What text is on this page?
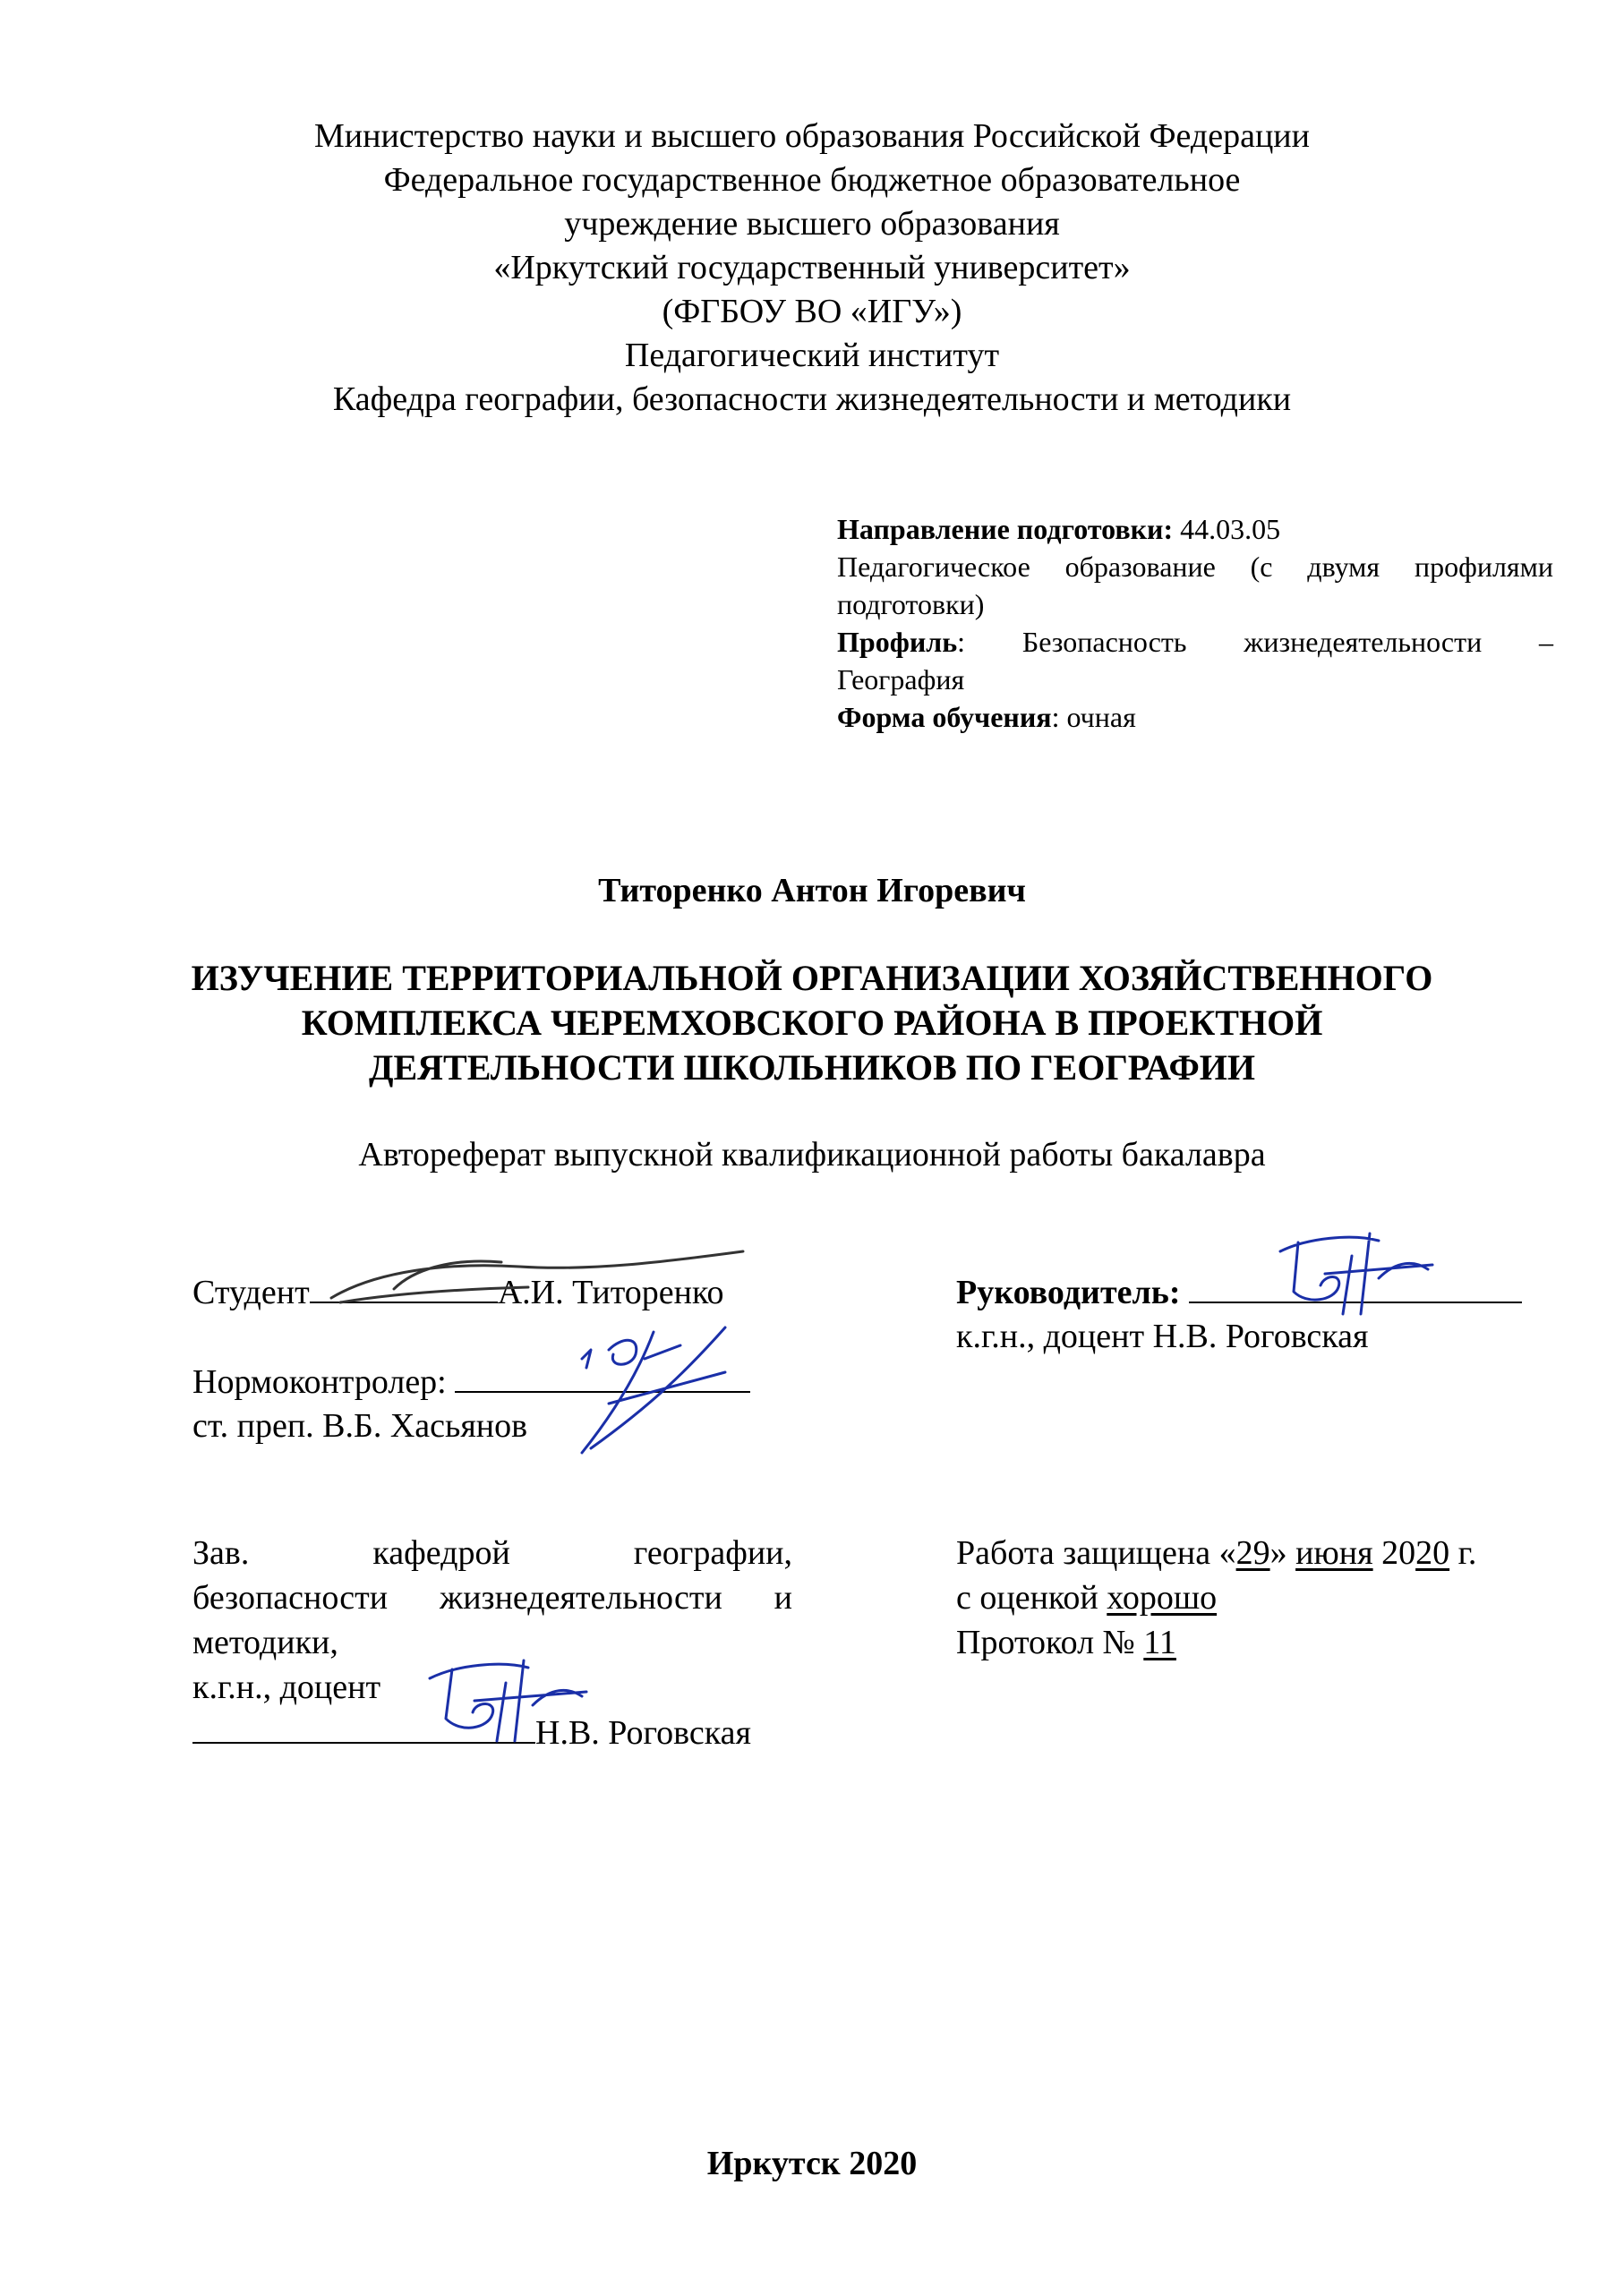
Министерство науки и высшего образования Российской Федерации
Федеральное государственное бюджетное образовательное
учреждение высшего образования
«Иркутский государственный университет»
(ФГБОУ ВО «ИГУ»)
Педагогический институт
Кафедра географии, безопасности жизнедеятельности и методики
Направление подготовки: 44.03.05
Педагогическое образование (с двумя профилями
подготовки)
Профиль: Безопасность жизнедеятельности –
География
Форма обучения: очная
Титоренко Антон Игоревич
ИЗУЧЕНИЕ ТЕРРИТОРИАЛЬНОЙ ОРГАНИЗАЦИИ ХОЗЯЙСТВЕННОГО
КОМПЛЕКСА ЧЕРЕМХОВСКОГО РАЙОНА В ПРОЕКТНОЙ
ДЕЯТЕЛЬНОСТИ ШКОЛЬНИКОВ ПО ГЕОГРАФИИ
Автореферат выпускной квалификационной работы бакалавра
Студент	А.И. Титоренко	Руководитель:
к.г.н., доцент Н.В. Роговская
Нормоконтролер:
ст. преп. В.Б. Хасьянов
Зав. кафедрой географии,
безопасности жизнедеятельности и
методики,
к.г.н., доцент
Н.В. Роговская
Работа защищена «29» июня 2020 г.
с оценкой хорошо
Протокол № 11
Иркутск 2020
